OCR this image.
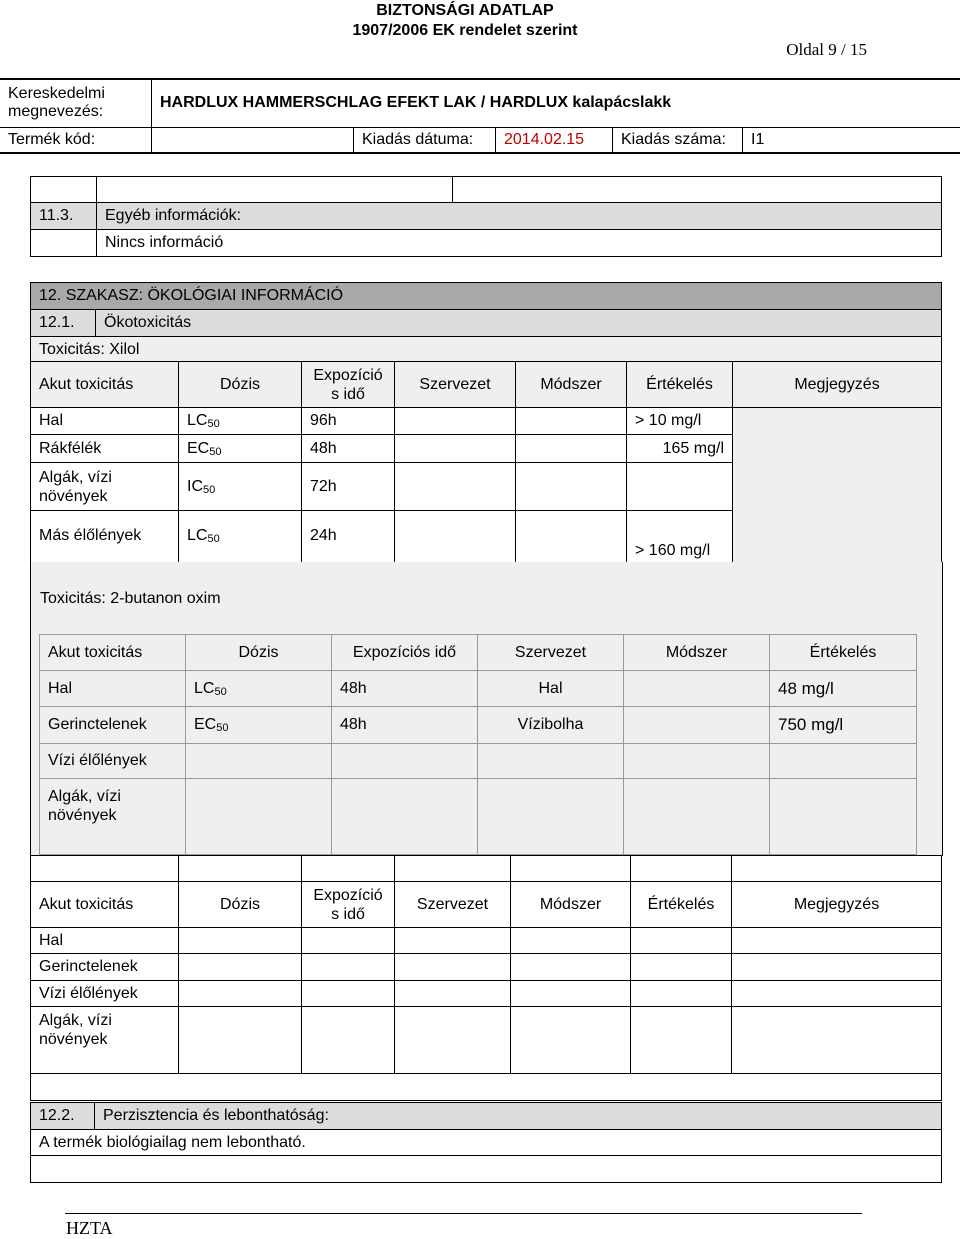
BIZTONSÁGI ADATLAP
1907/2006 EK rendelet szerint
Oldal 9 / 15
Kereskedelmi megnevezés:	HARDLUX HAMMERSCHLAG EFEKT LAK / HARDLUX kalapácslakk				
Termék kód:		Kiadás dátuma:	2014.02.15	Kiadás száma:	I1

11.3.	Egyéb információk:	
	Nincs információ	
12. SZAKASZ: ÖKOLÓGIAI INFORMÁCIÓ
12.1.	Ökotoxicitás
Toxicitás: Xilol
Akut toxicitás	Dózis	Expozíció
s idő	Szervezet	Módszer	Értékelés	Megjegyzés
Hal	$LC_{50}$	96h			> 10 mg/l	
Rákfélék	$EC_{50}$	48h			165 mg/l	
Algák, vízi növények	$IC_{50}$	72h				
Más élőlények	$LC_{50}$	24h			> 160 mg/l	
Toxicitás: 2-butanon oxim
Akut toxicitás	Dózis	Expozíciós idő	Szervezet	Módszer	Értékelés
Hal	$LC_{50}$	48h	Hal		48 mg/l
Gerinctelenek	$EC_{50}$	48h	Vízibolha		750 mg/l
Vízi élőlények					
Algák, vízi növények					

Akut toxicitás	Dózis	Expozíció
s idő	Szervezet	Módszer	Értékelés	Megjegyzés
Hal						
Gerinctelenek						
Vízi élőlények						
Algák, vízi növények						

12.2.	Perzisztencia és lebonthatóság:
A termék biológiailag nem lebontható.

HZTA
